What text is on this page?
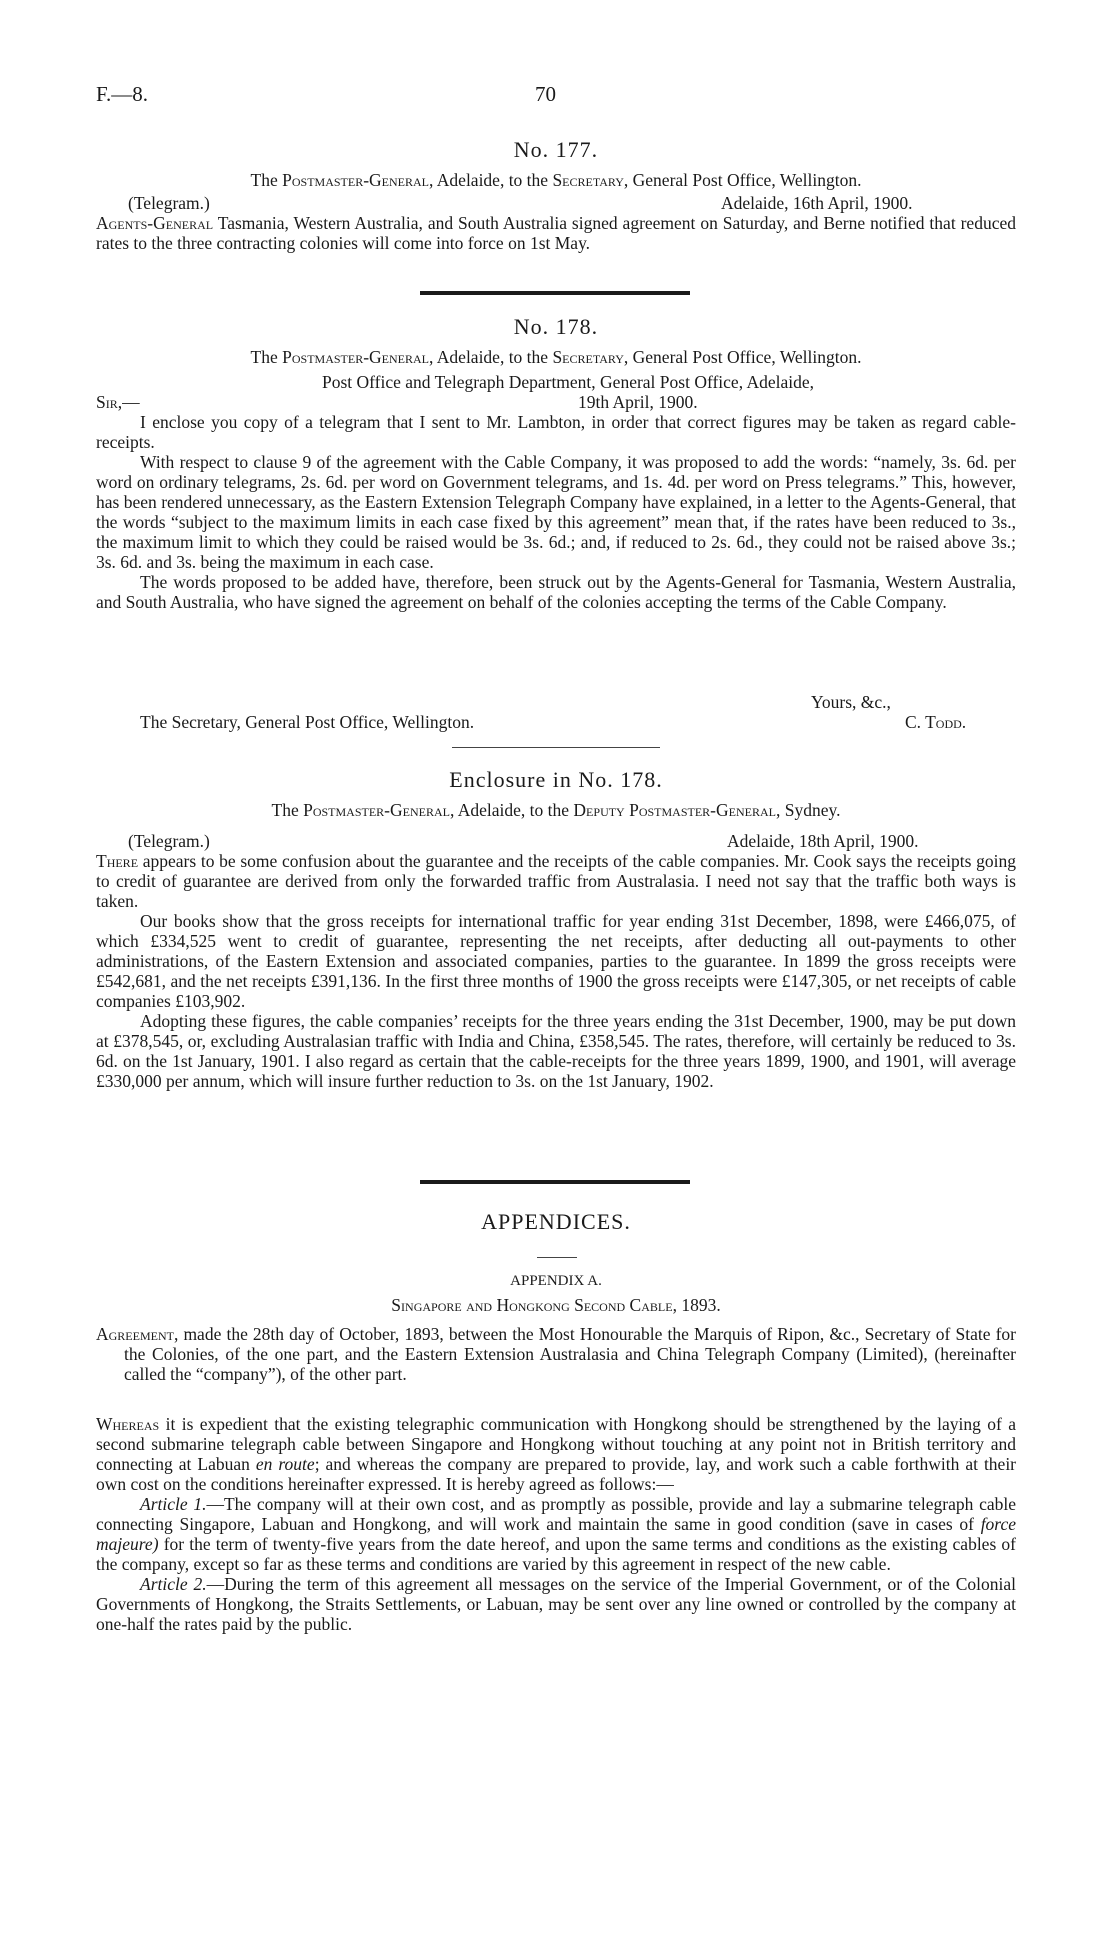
F.—8.	70
No. 177.
The Postmaster-General, Adelaide, to the Secretary, General Post Office, Wellington.
(Telegram.)	Adelaide, 16th April, 1900.

Agents-General Tasmania, Western Australia, and South Australia signed agreement on Saturday, and Berne notified that reduced rates to the three contracting colonies will come into force on 1st May.

No. 178.
The Postmaster-General, Adelaide, to the Secretary, General Post Office, Wellington.
Post Office and Telegraph Department, General Post Office, Adelaide,
Sir,—	19th April, 1900.

I enclose you copy of a telegram that I sent to Mr. Lambton, in order that correct figures may be taken as regard cable-receipts.

With respect to clause 9 of the agreement with the Cable Company, it was proposed to add the words: “namely, 3s. 6d. per word on ordinary telegrams, 2s. 6d. per word on Government telegrams, and 1s. 4d. per word on Press telegrams.” This, however, has been rendered unnecessary, as the Eastern Extension Telegraph Company have explained, in a letter to the Agents-General, that the words “subject to the maximum limits in each case fixed by this agreement” mean that, if the rates have been reduced to 3s., the maximum limit to which they could be raised would be 3s. 6d.; and, if reduced to 2s. 6d., they could not be raised above 3s.; 3s. 6d. and 3s. being the maximum in each case.

The words proposed to be added have, therefore, been struck out by the Agents-General for Tasmania, Western Australia, and South Australia, who have signed the agreement on behalf of the colonies accepting the terms of the Cable Company.

Yours, &c.,
The Secretary, General Post Office, Wellington.	C. Todd.
Enclosure in No. 178.
The Postmaster-General, Adelaide, to the Deputy Postmaster-General, Sydney.
(Telegram.)	Adelaide, 18th April, 1900.

There appears to be some confusion about the guarantee and the receipts of the cable companies. Mr. Cook says the receipts going to credit of guarantee are derived from only the forwarded traffic from Australasia. I need not say that the traffic both ways is taken.

Our books show that the gross receipts for international traffic for year ending 31st December, 1898, were £466,075, of which £334,525 went to credit of guarantee, representing the net receipts, after deducting all out-payments to other administrations, of the Eastern Extension and associated companies, parties to the guarantee. In 1899 the gross receipts were £542,681, and the net receipts £391,136. In the first three months of 1900 the gross receipts were £147,305, or net receipts of cable companies £103,902.

Adopting these figures, the cable companies’ receipts for the three years ending the 31st December, 1900, may be put down at £378,545, or, excluding Australasian traffic with India and China, £358,545. The rates, therefore, will certainly be reduced to 3s. 6d. on the 1st January, 1901. I also regard as certain that the cable-receipts for the three years 1899, 1900, and 1901, will average £330,000 per annum, which will insure further reduction to 3s. on the 1st January, 1902.

APPENDICES.
APPENDIX A.
Singapore and Hongkong Second Cable, 1893.

Agreement, made the 28th day of October, 1893, between the Most Honourable the Marquis of Ripon, &c., Secretary of State for the Colonies, of the one part, and the Eastern Extension Australasia and China Telegraph Company (Limited), (hereinafter called the “company”), of the other part.

Whereas it is expedient that the existing telegraphic communication with Hongkong should be strengthened by the laying of a second submarine telegraph cable between Singapore and Hongkong without touching at any point not in British territory and connecting at Labuan en route; and whereas the company are prepared to provide, lay, and work such a cable forthwith at their own cost on the conditions hereinafter expressed. It is hereby agreed as follows:—

Article 1.—The company will at their own cost, and as promptly as possible, provide and lay a submarine telegraph cable connecting Singapore, Labuan and Hongkong, and will work and maintain the same in good condition (save in cases of force majeure) for the term of twenty-five years from the date hereof, and upon the same terms and conditions as the existing cables of the company, except so far as these terms and conditions are varied by this agreement in respect of the new cable.

Article 2.—During the term of this agreement all messages on the service of the Imperial Government, or of the Colonial Governments of Hongkong, the Straits Settlements, or Labuan, may be sent over any line owned or controlled by the company at one-half the rates paid by the public.
